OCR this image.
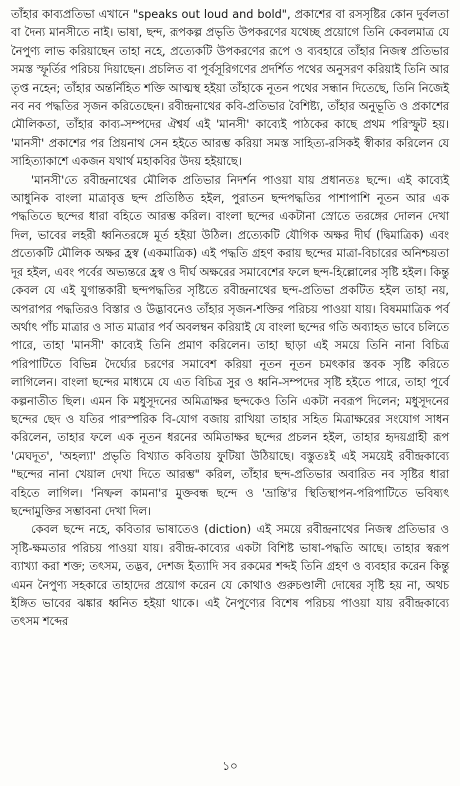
তাঁহার কাব্যপ্রতিভা এখানে "speaks out loud and bold", প্রকাশের বা রসসৃষ্টির কোন দুর্বলতা বা দৈন্য মানসীতে নাই। ভাষা, ছন্দ, রূপকল্প প্রভৃতি উপকরণের যথেচ্ছ প্রয়োগে তিনি কেবলমাত্র যে নৈপুণ্য লাভ করিয়াছেন তাহা নহে, প্রত্যেকটি উপকরণের রূপে ও ব্যবহারে তাঁহার নিজস্ব প্রতিভার সমস্ত স্ফূর্তির পরিচয় দিয়াছেন। প্রচলিত বা পূর্বসূরিগণের প্রদর্শিত পথের অনুসরণ করিয়াই তিনি আর তৃপ্ত নহেন; তাঁহার অন্তর্নিহিত শক্তি আত্মস্থ হইয়া তাঁহাকে নূতন পথের সন্ধান দিতেছে, তিনি নিজেই নব নব পদ্ধতির সৃজন করিতেছেন। রবীন্দ্রনাথের কবি-প্রতিভার বৈশিষ্ট্য, তাঁহার অনুভূতি ও প্রকাশের মৌলিকতা, তাঁহার কাব্য-সম্পদের ঐশ্বর্য এই 'মানসী' কাব্যেই পাঠকের কাছে প্রথম পরিস্ফুট হয়। 'মানসী' প্রকাশের পর প্রিয়নাথ সেন হইতে আরম্ভ করিয়া সমস্ত সাহিত্য-রসিকই স্বীকার করিলেন যে সাহিত্যাকাশে একজন যথার্থ মহাকবির উদয় হইয়াছে।

'মানসী'তে রবীন্দ্রনাথের মৌলিক প্রতিভার নিদর্শন পাওয়া যায় প্রধানতঃ ছন্দে। এই কাব্যেই আধুনিক বাংলা মাত্রাবৃত্ত ছন্দ প্রতিষ্ঠিত হইল, পুরাতন ছন্দপদ্ধতির পাশাপাশি নূতন আর এক পদ্ধতিতে ছন্দের ধারা বহিতে আরম্ভ করিল। বাংলা ছন্দের একটানা স্রোতে তরঙ্গের দোলন দেখা দিল, ভাবের লহরী ধ্বনিতরঙ্গে মূর্ত হইয়া উঠিল। প্রত্যেকটি যৌগিক অক্ষর দীর্ঘ (দ্বিমাত্রিক) এবং প্রত্যেকটি মৌলিক অক্ষর হ্রস্ব (একমাত্রিক) এই পদ্ধতি গ্রহণ করায় ছন্দের মাত্রা-বিচারের অনিশ্চয়তা দূর হইল, এবং পর্বের অভ্যন্তরে হ্রস্ব ও দীর্ঘ অক্ষরের সমাবেশের ফলে ছন্দ-হিল্লোলের সৃষ্টি হইল। কিন্তু কেবল যে এই যুগান্তকারী ছন্দপদ্ধতির সৃষ্টিতে রবীন্দ্রনাথের ছন্দ-প্রতিভা প্রকটিত হইল তাহা নয়, অপরাপর পদ্ধতিরও বিস্তার ও উদ্ভাবনেও তাঁহার সৃজন-শক্তির পরিচয় পাওয়া যায়। বিষমমাত্রিক পর্ব অর্থাৎ পাঁচ মাত্রার ও সাত মাত্রার পর্ব অবলম্বন করিয়াই যে বাংলা ছন্দের গতি অব্যাহত ভাবে চলিতে পারে, তাহা 'মানসী' কাব্যেই তিনি প্রমাণ করিলেন। তাহা ছাড়া এই সময়ে তিনি নানা বিচিত্র পরিপাটিতে বিভিন্ন দৈর্ঘ্যের চরণের সমাবেশ করিয়া নূতন নূতন চমৎকার স্তবক সৃষ্টি করিতে লাগিলেন। বাংলা ছন্দের মাধ্যমে যে এত বিচিত্র সুর ও ধ্বনি-সম্পদের সৃষ্টি হইতে পারে, তাহা পূর্বে কল্পনাতীত ছিল। এমন কি মধুসূদনের অমিত্রাক্ষর ছন্দকেও তিনি একটা নবরূপ দিলেন; মধুসূদনের ছন্দের ছেদ ও যতির পারস্পরিক বি-যোগ বজায় রাখিয়া তাহার সহিত মিত্রাক্ষরের সংযোগ সাধন করিলেন, তাহার ফলে এক নূতন ধরনের অমিতাক্ষর ছন্দের প্রচলন হইল, তাহার হৃদয়গ্রাহী রূপ 'মেঘদূত', 'অহল্যা' প্রভৃতি বিখ্যাত কবিতায় ফুটিয়া উঠিয়াছে। বস্তুতঃই এই সময়েই রবীন্দ্রকাব্যে "ছন্দের নানা খেয়াল দেখা দিতে আরম্ভ" করিল, তাঁহার ছন্দ-প্রতিভার অবারিত নব সৃষ্টির ধারা বহিতে লাগিল। 'নিষ্ফল কামনা'র মুক্তবন্ধ ছন্দে ও 'ভ্রান্তি'র স্থিতিস্থাপন-পরিপাটিতে ভবিষ্যৎ ছন্দোমুক্তির সম্ভাবনা দেখা দিল।

কেবল ছন্দে নহে, কবিতার ভাষাতেও (diction) এই সময়ে রবীন্দ্রনাথের নিজস্ব প্রতিভার ও সৃষ্টি-ক্ষমতার পরিচয় পাওয়া যায়। রবীন্দ্র-কাব্যের একটা বিশিষ্ট ভাষা-পদ্ধতি আছে। তাহার স্বরূপ ব্যাখ্যা করা শক্ত; তৎসম, তদ্ভব, দেশজ ইত্যাদি সব রকমের শব্দই তিনি গ্রহণ ও ব্যবহার করেন কিন্তু এমন নৈপুণ্য সহকারে তাহাদের প্রয়োগ করেন যে কোথাও গুরুচণ্ডালী দোষের সৃষ্টি হয় না, অথচ ইঙ্গিত ভাবের ঝঙ্কার ধ্বনিত হইয়া থাকে। এই নৈপুণ্যের বিশেষ পরিচয় পাওয়া যায় রবীন্দ্রকাব্যে তৎসম শব্দের

১০
